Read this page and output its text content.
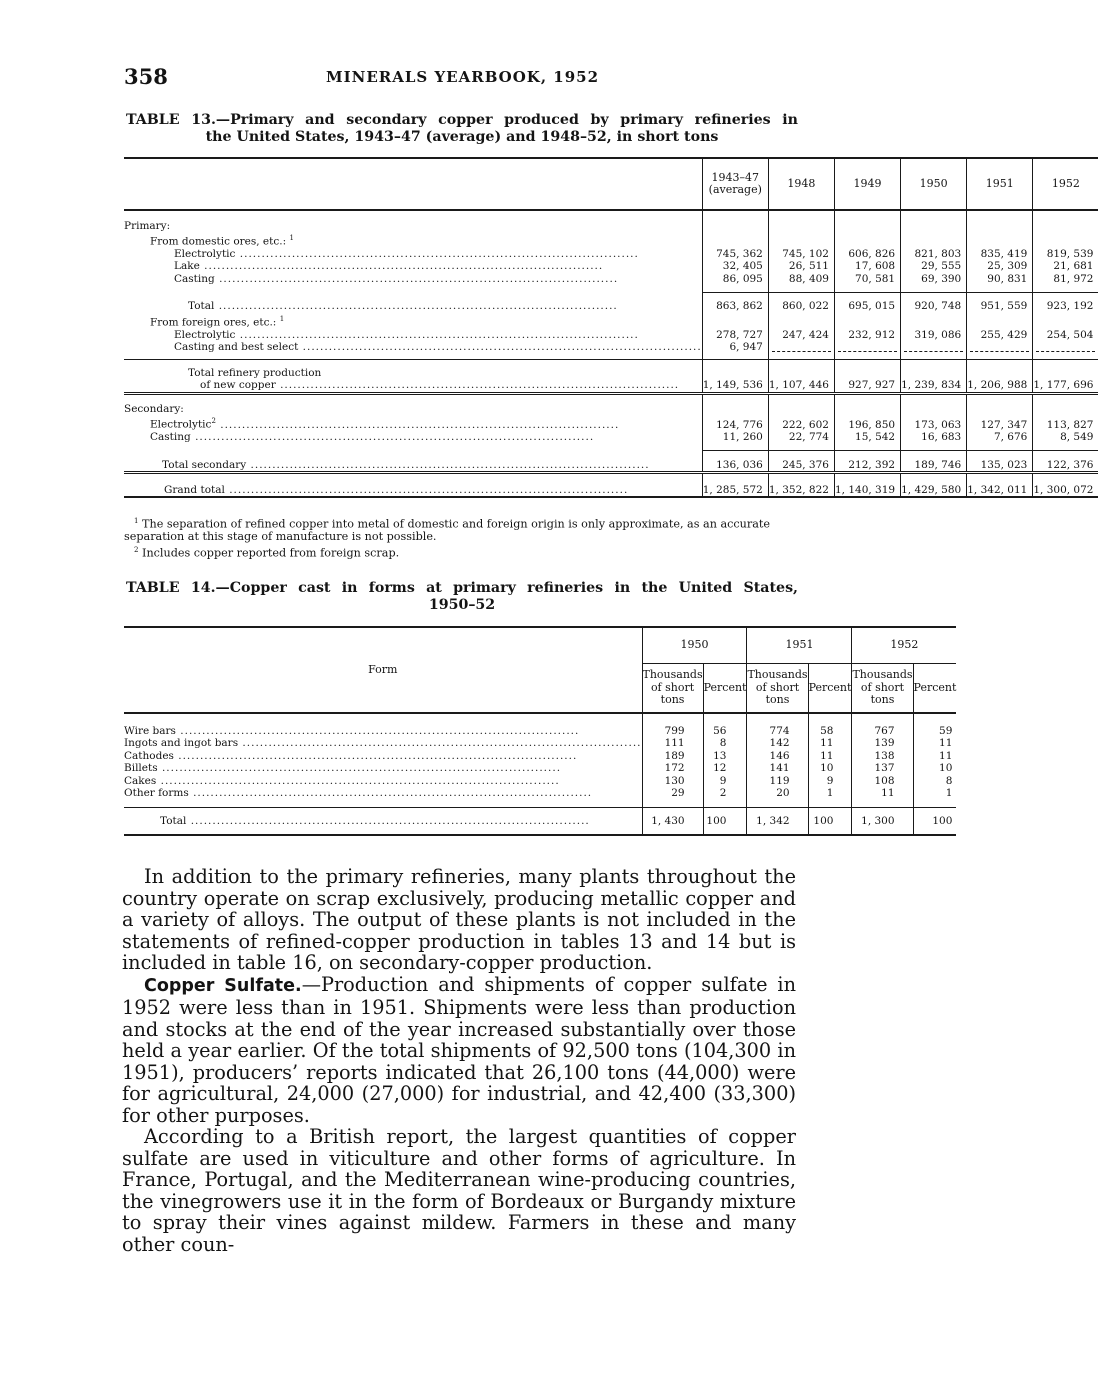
358	MINERALS YEARBOOK, 1952
TABLE 13.—Primary and secondary copper produced by primary refineries in
the United States, 1943–47 (average) and 1948–52, in short tons
	1943–47
(average)	1948	1949	1950	1951	1952
Primary:						
From domestic ores, etc.: $^1$						
Electrolytic .....	745, 362	745, 102	606, 826	821, 803	835, 419	819, 539
Lake .....	32, 405	26, 511	17, 608	29, 555	25, 309	21, 681
Casting .....	86, 095	88, 409	70, 581	69, 390	90, 831	81, 972
Total .....	863, 862	860, 022	695, 015	920, 748	951, 559	923, 192
From foreign ores, etc.: $^1$						
Electrolytic .....	278, 727	247, 424	232, 912	319, 086	255, 429	254, 504
Casting and best select .....	6, 947	

Total refinery production
of new copper .....	1, 149, 536	1, 107, 446	927, 927	1, 239, 834	1, 206, 988	1, 177, 696
Secondary:						
Electrolytic$^2$ .....	124, 776	222, 602	196, 850	173, 063	127, 347	113, 827
Casting .....	11, 260	22, 774	15, 542	16, 683	7, 676	8, 549
Total secondary .....	136, 036	245, 376	212, 392	189, 746	135, 023	122, 376
Grand total .....	1, 285, 572	1, 352, 822	1, 140, 319	1, 429, 580	1, 342, 011	1, 300, 072

$^1$ The separation of refined copper into metal of domestic and foreign origin is only approximate, as an accurate separation at this stage of manufacture is not possible.

$^2$ Includes copper reported from foreign scrap.

TABLE 14.—Copper cast in forms at primary refineries in the United States,
1950–52
Form	1950		1951		1952	
	Thousands
of short tons	Percent	Thousands
of short tons	Percent	Thousands
of short tons	Percent

Wire bars .....	799	56	774	58	767	59
Ingots and ingot bars .....	111	8	142	11	139	11
Cathodes .....	189	13	146	11	138	11
Billets .....	172	12	141	10	137	10
Cakes .....	130	9	119	9	108	8
Other forms .....	29	2	20	1	11	1
Total .....	1, 430	100	1, 342	100	1, 300	100

In addition to the primary refineries, many plants throughout the country operate on scrap exclusively, producing metallic copper and a variety of alloys. The output of these plants is not included in the statements of refined-copper production in tables 13 and 14 but is included in table 16, on secondary-copper production.

Copper Sulfate.—Production and shipments of copper sulfate in 1952 were less than in 1951. Shipments were less than production and stocks at the end of the year increased substantially over those held a year earlier. Of the total shipments of 92,500 tons (104,300 in 1951), producers’ reports indicated that 26,100 tons (44,000) were for agricultural, 24,000 (27,000) for industrial, and 42,400 (33,300) for other purposes.

According to a British report, the largest quantities of copper sulfate are used in viticulture and other forms of agriculture. In France, Portugal, and the Mediterranean wine-producing countries, the vinegrowers use it in the form of Bordeaux or Burgandy mixture to spray their vines against mildew. Farmers in these and many other coun-
